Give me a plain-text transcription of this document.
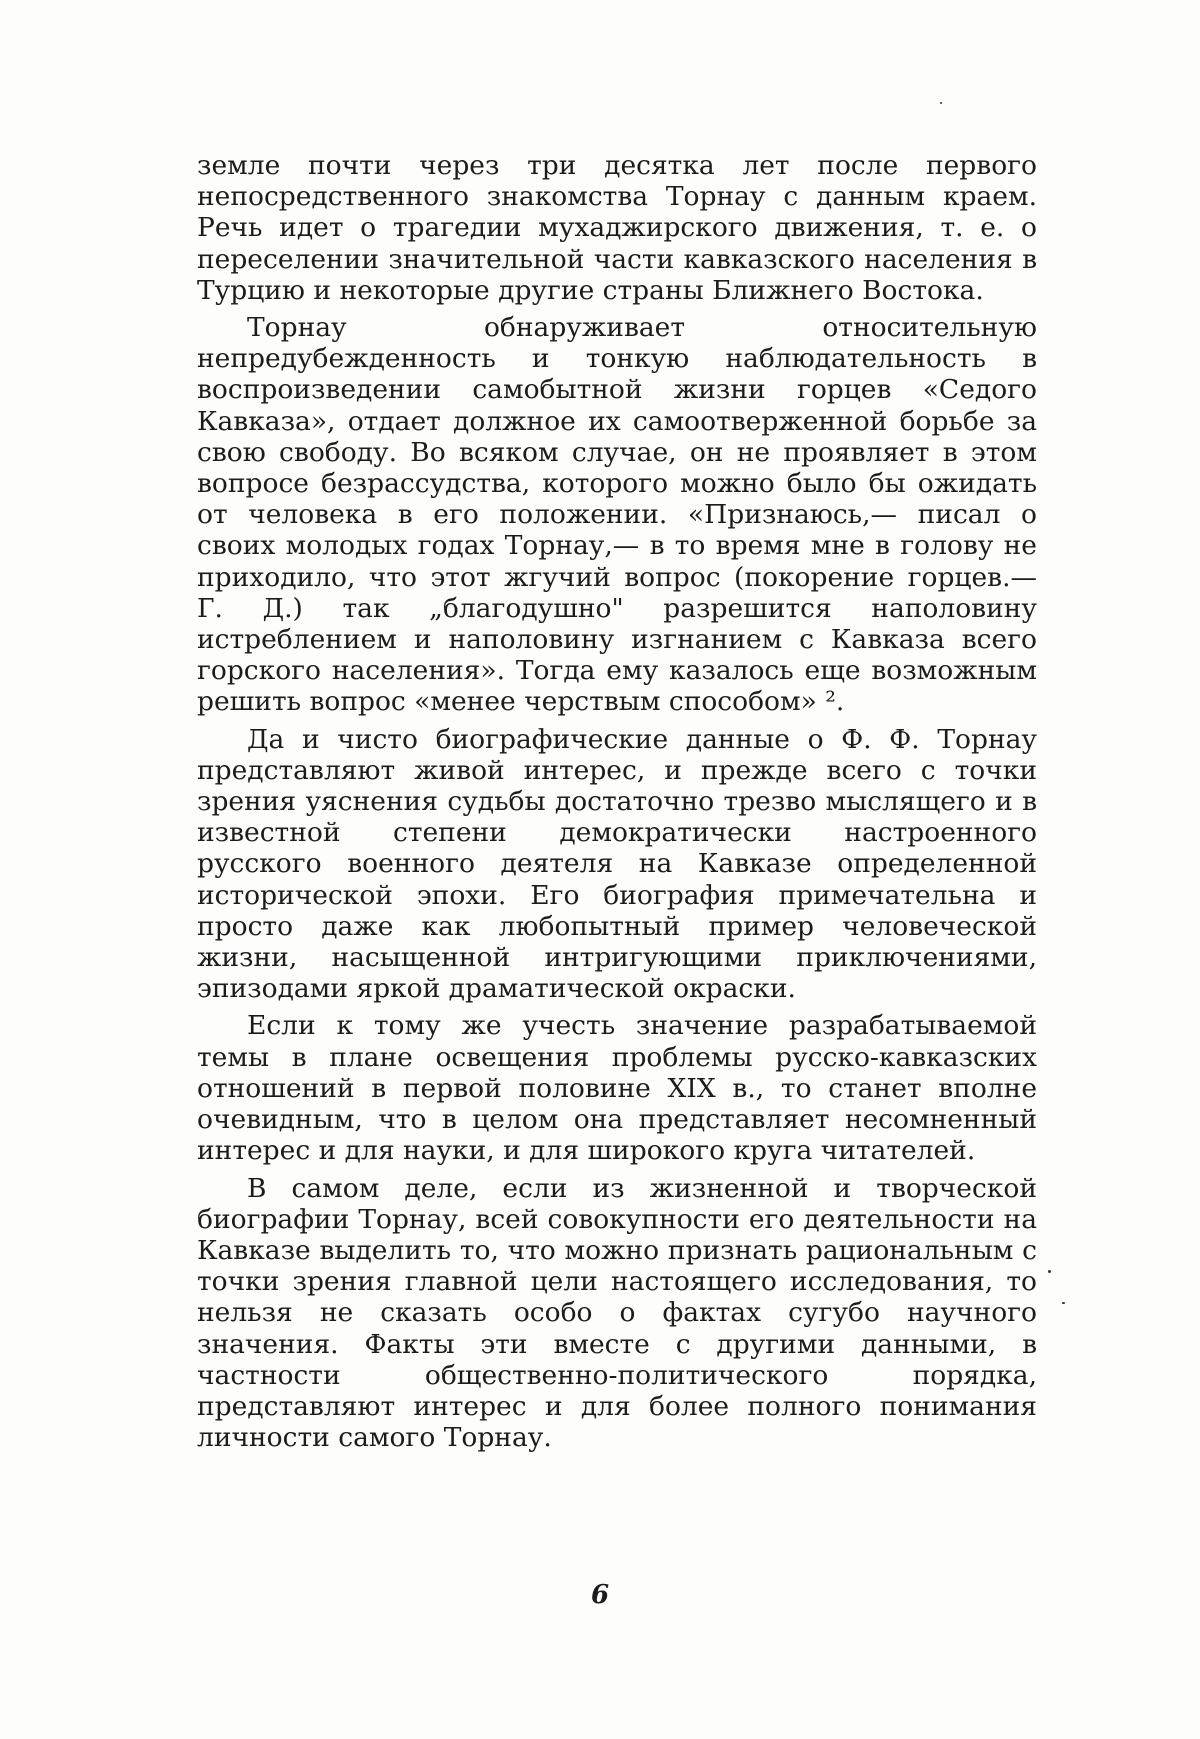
земле почти через три десятка лет после первого непосредственного знакомства Торнау с данным краем. Речь идет о трагедии мухаджирского движения, т. е. о переселении значительной части кавказского населения в Турцию и некоторые другие страны Ближнего Востока.

Торнау обнаруживает относительную непредубежденность и тонкую наблюдательность в воспроизведении самобытной жизни горцев «Седого Кавказа», отдает должное их самоотверженной борьбе за свою свободу. Во всяком случае, он не проявляет в этом вопросе безрассудства, которого можно было бы ожидать от человека в его положении. «Признаюсь,— писал о своих молодых годах Торнау,— в то время мне в голову не приходило, что этот жгучий вопрос (покорение горцев.— Г. Д.) так „благодушно" разрешится наполовину истреблением и наполовину изгнанием с Кавказа всего горского населения». Тогда ему казалось еще возможным решить вопрос «менее черствым способом» ².

Да и чисто биографические данные о Ф. Ф. Торнау представляют живой интерес, и прежде всего с точки зрения уяснения судьбы достаточно трезво мыслящего и в известной степени демократически настроенного русского военного деятеля на Кавказе определенной исторической эпохи. Его биография примечательна и просто даже как любопытный пример человеческой жизни, насыщенной интригующими приключениями, эпизодами яркой драматической окраски.

Если к тому же учесть значение разрабатываемой темы в плане освещения проблемы русско-кавказских отношений в первой половине XIX в., то станет вполне очевидным, что в целом она представляет несомненный интерес и для науки, и для широкого круга читателей.

В самом деле, если из жизненной и творческой биографии Торнау, всей совокупности его деятельности на Кавказе выделить то, что можно признать рациональным с точки зрения главной цели настоящего исследования, то нельзя не сказать особо о фактах сугубо научного значения. Факты эти вместе с другими данными, в частности общественно-политического порядка, представляют интерес и для более полного понимания личности самого Торнау.

6
